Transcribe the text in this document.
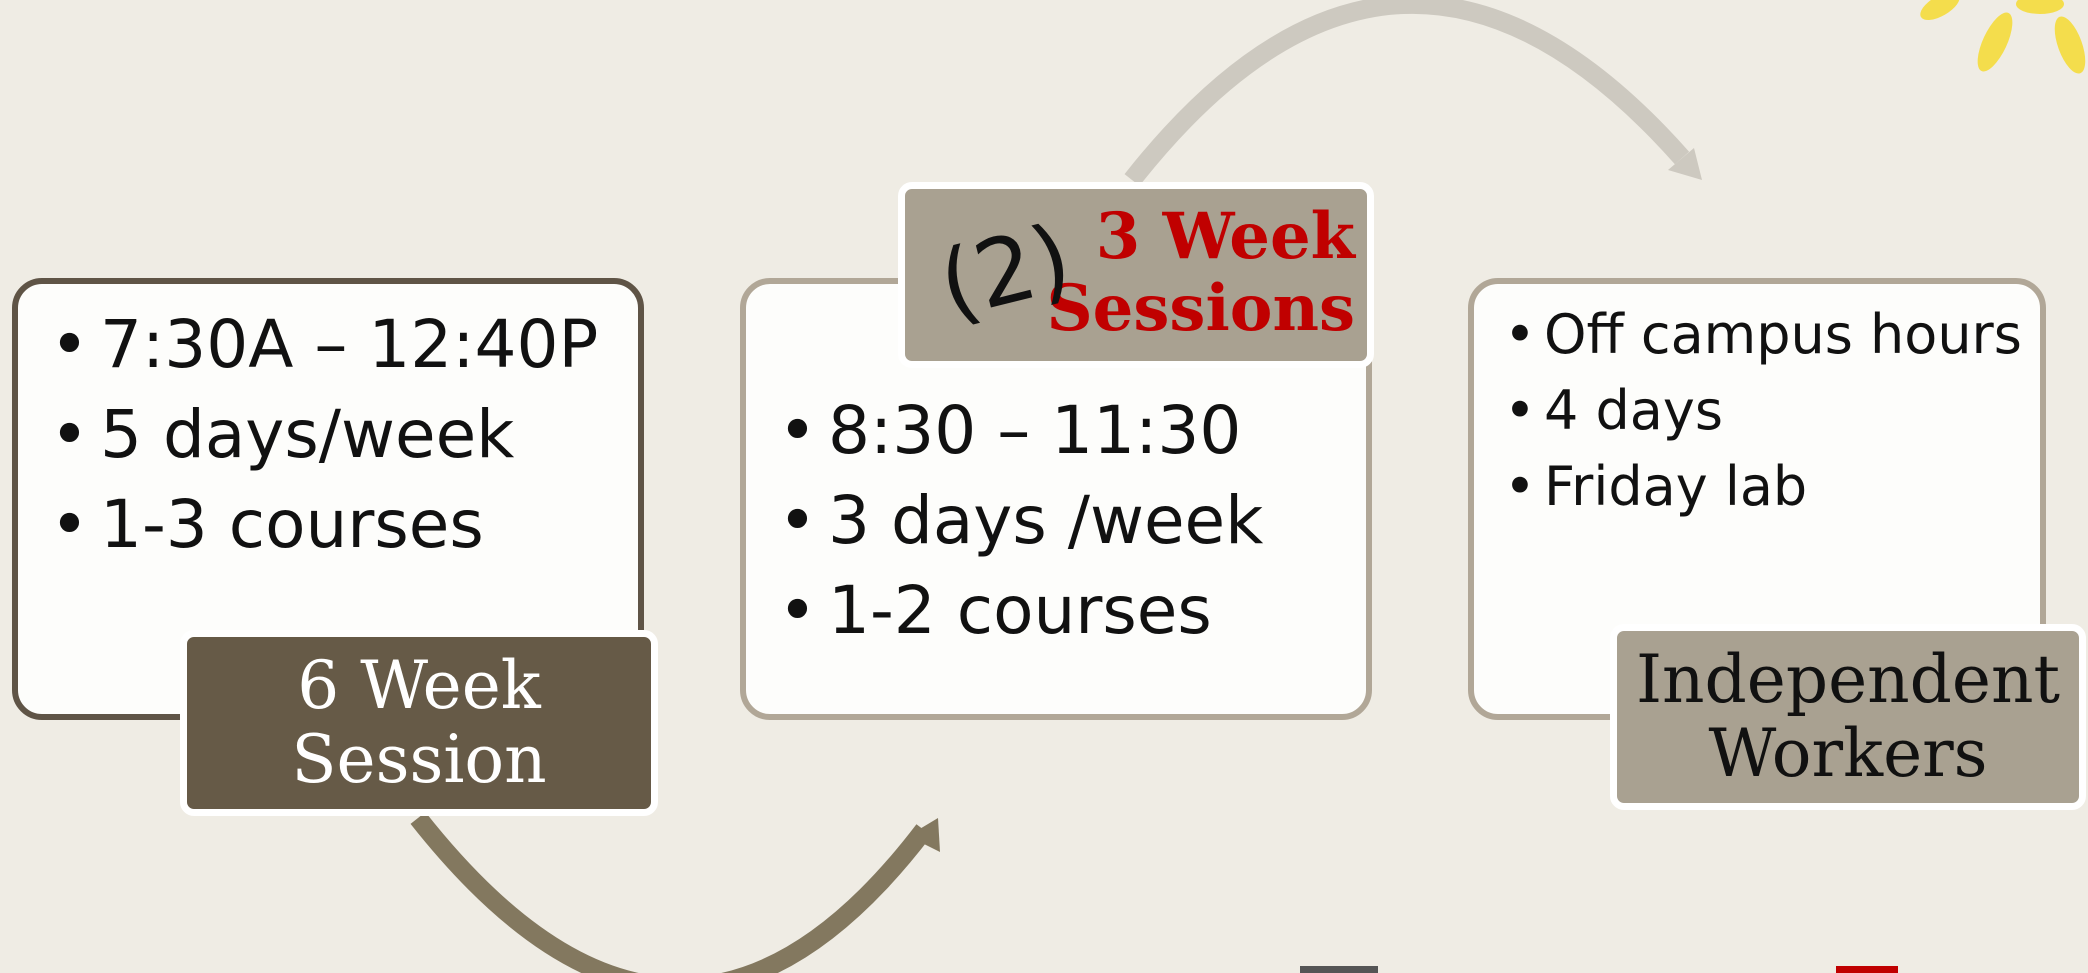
• 7:30A – 12:40P
• 5 days/week
• 1-3 courses
6 Week
Session
• 8:30 – 11:30
• 3 days /week
• 1-2 courses
3 Week
Sessions
(2)	• Off campus hours
• 4 days
• Friday lab
Independent
Workers
